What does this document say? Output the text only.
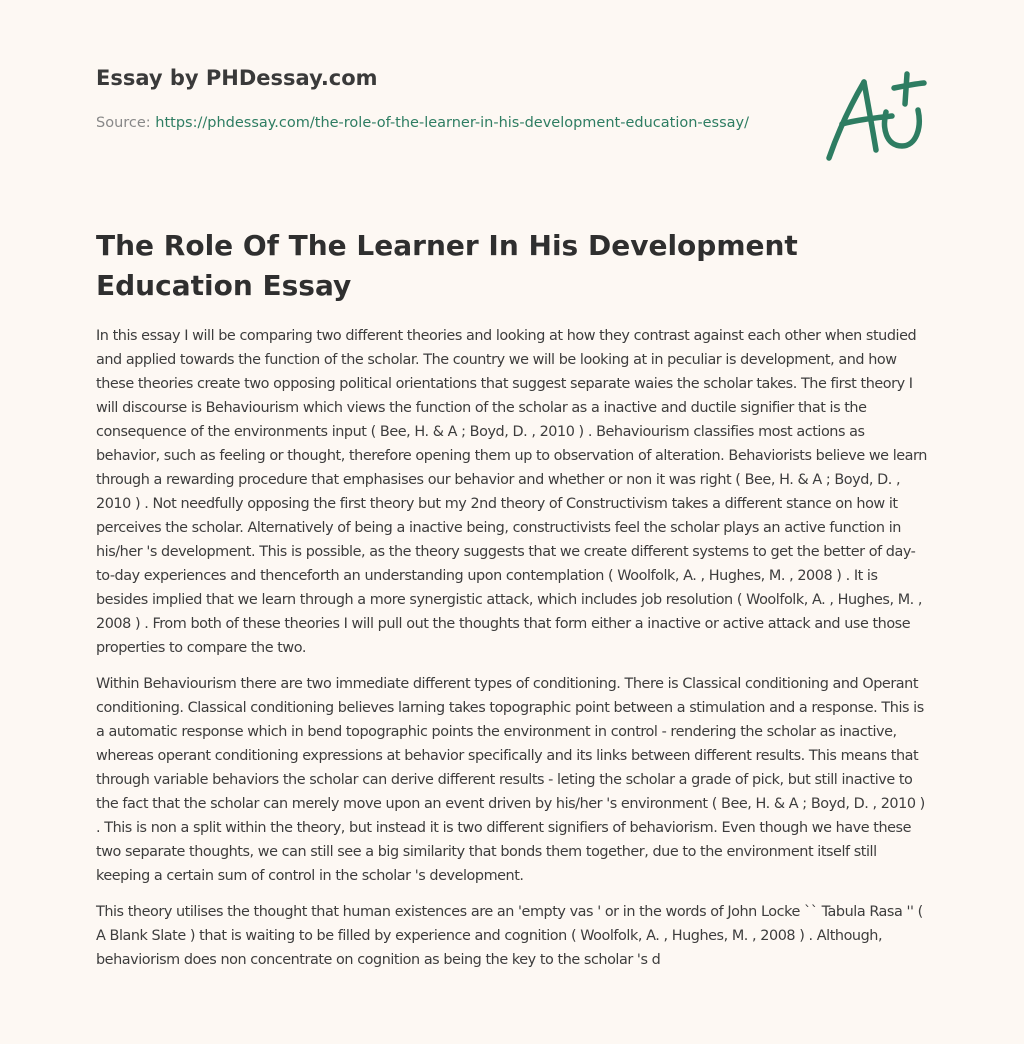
Essay by PHDessay.com
Source: https://phdessay.com/the-role-of-the-learner-in-his-development-education-essay/
The Role Of The Learner In His Development Education Essay

In this essay I will be comparing two different theories and looking at how they contrast against each other when studied and applied towards the function of the scholar. The country we will be looking at in peculiar is development, and how these theories create two opposing political orientations that suggest separate waies the scholar takes. The first theory I will discourse is Behaviourism which views the function of the scholar as a inactive and ductile signifier that is the consequence of the environments input ( Bee, H. & A ; Boyd, D. , 2010 ) . Behaviourism classifies most actions as behavior, such as feeling or thought, therefore opening them up to observation of alteration. Behaviorists believe we learn through a rewarding procedure that emphasises our behavior and whether or non it was right ( Bee, H. & A ; Boyd, D. , 2010 ) . Not needfully opposing the first theory but my 2nd theory of Constructivism takes a different stance on how it perceives the scholar. Alternatively of being a inactive being, constructivists feel the scholar plays an active function in his/her 's development. This is possible, as the theory suggests that we create different systems to get the better of day-to-day experiences and thenceforth an understanding upon contemplation ( Woolfolk, A. , Hughes, M. , 2008 ) . It is besides implied that we learn through a more synergistic attack, which includes job resolution ( Woolfolk, A. , Hughes, M. , 2008 ) . From both of these theories I will pull out the thoughts that form either a inactive or active attack and use those properties to compare the two.

Within Behaviourism there are two immediate different types of conditioning. There is Classical conditioning and Operant conditioning. Classical conditioning believes larning takes topographic point between a stimulation and a response. This is a automatic response which in bend topographic points the environment in control - rendering the scholar as inactive, whereas operant conditioning expressions at behavior specifically and its links between different results. This means that through variable behaviors the scholar can derive different results - leting the scholar a grade of pick, but still inactive to the fact that the scholar can merely move upon an event driven by his/her 's environment ( Bee, H. & A ; Boyd, D. , 2010 ) . This is non a split within the theory, but instead it is two different signifiers of behaviorism. Even though we have these two separate thoughts, we can still see a big similarity that bonds them together, due to the environment itself still keeping a certain sum of control in the scholar 's development.

This theory utilises the thought that human existences are an 'empty vas ' or in the words of John Locke `` Tabula Rasa '' ( A Blank Slate ) that is waiting to be filled by experience and cognition ( Woolfolk, A. , Hughes, M. , 2008 ) . Although, behaviorism does non concentrate on cognition as being the key to the scholar 's d
